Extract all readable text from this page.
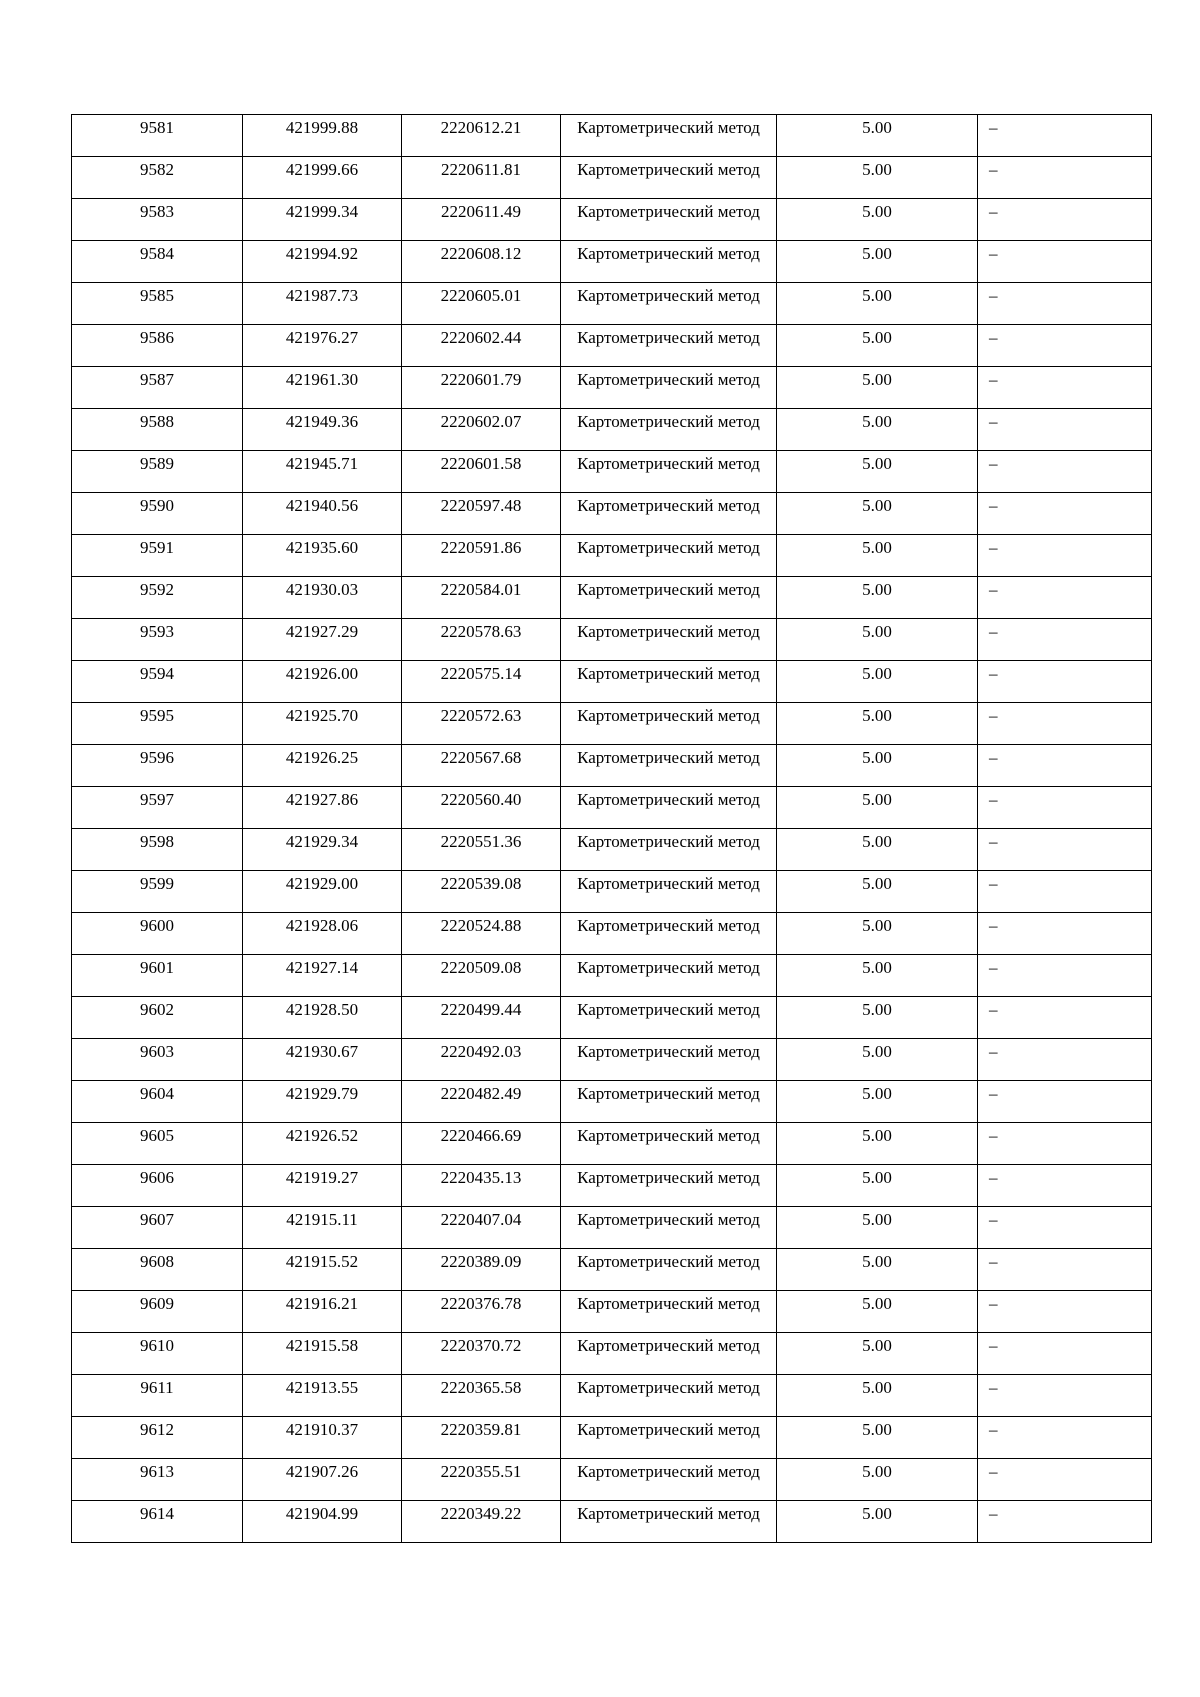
9581	421999.88	2220612.21	Картометрический метод	5.00	–

9582	421999.66	2220611.81	Картометрический метод	5.00	–

9583	421999.34	2220611.49	Картометрический метод	5.00	–

9584	421994.92	2220608.12	Картометрический метод	5.00	–

9585	421987.73	2220605.01	Картометрический метод	5.00	–

9586	421976.27	2220602.44	Картометрический метод	5.00	–

9587	421961.30	2220601.79	Картометрический метод	5.00	–

9588	421949.36	2220602.07	Картометрический метод	5.00	–

9589	421945.71	2220601.58	Картометрический метод	5.00	–

9590	421940.56	2220597.48	Картометрический метод	5.00	–

9591	421935.60	2220591.86	Картометрический метод	5.00	–

9592	421930.03	2220584.01	Картометрический метод	5.00	–

9593	421927.29	2220578.63	Картометрический метод	5.00	–

9594	421926.00	2220575.14	Картометрический метод	5.00	–

9595	421925.70	2220572.63	Картометрический метод	5.00	–

9596	421926.25	2220567.68	Картометрический метод	5.00	–

9597	421927.86	2220560.40	Картометрический метод	5.00	–

9598	421929.34	2220551.36	Картометрический метод	5.00	–

9599	421929.00	2220539.08	Картометрический метод	5.00	–

9600	421928.06	2220524.88	Картометрический метод	5.00	–

9601	421927.14	2220509.08	Картометрический метод	5.00	–

9602	421928.50	2220499.44	Картометрический метод	5.00	–

9603	421930.67	2220492.03	Картометрический метод	5.00	–

9604	421929.79	2220482.49	Картометрический метод	5.00	–

9605	421926.52	2220466.69	Картометрический метод	5.00	–

9606	421919.27	2220435.13	Картометрический метод	5.00	–

9607	421915.11	2220407.04	Картометрический метод	5.00	–

9608	421915.52	2220389.09	Картометрический метод	5.00	–

9609	421916.21	2220376.78	Картометрический метод	5.00	–

9610	421915.58	2220370.72	Картометрический метод	5.00	–

9611	421913.55	2220365.58	Картометрический метод	5.00	–

9612	421910.37	2220359.81	Картометрический метод	5.00	–

9613	421907.26	2220355.51	Картометрический метод	5.00	–

9614	421904.99	2220349.22	Картометрический метод	5.00	–
